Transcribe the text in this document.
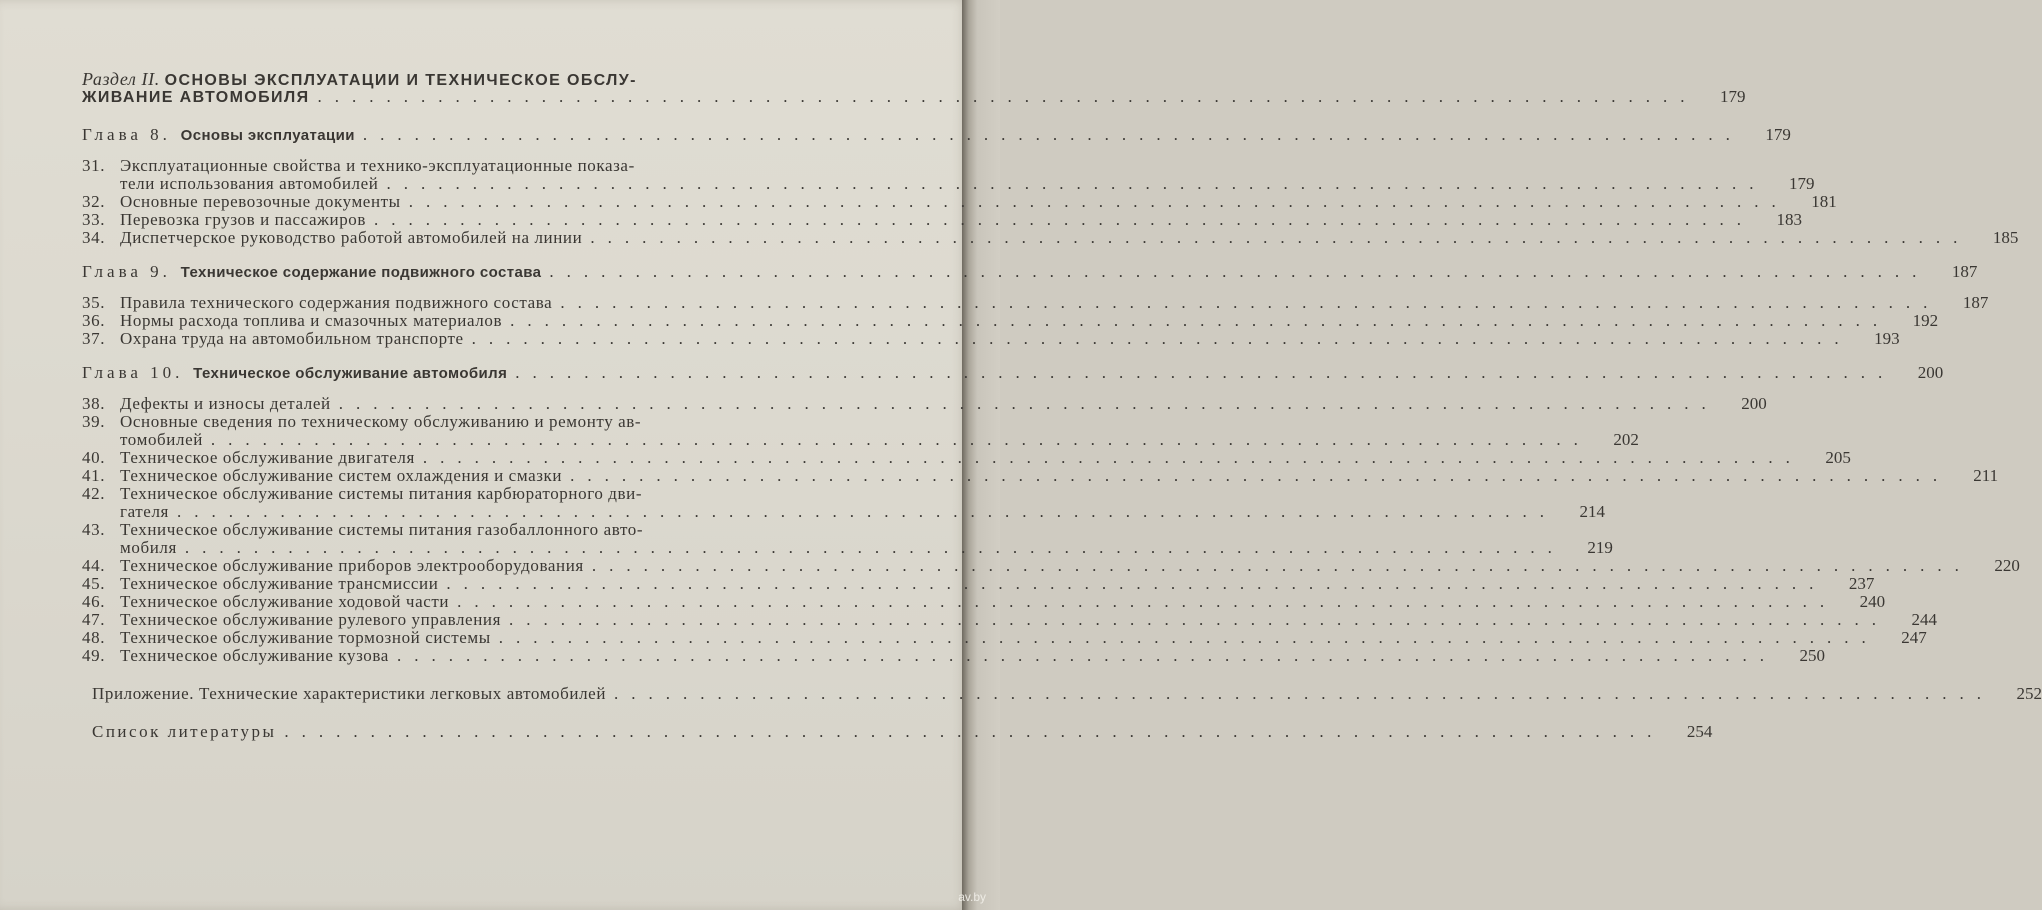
Раздел II. ОСНОВЫ ЭКСПЛУАТАЦИИ И ТЕХНИЧЕСКОЕ ОБСЛУ-
ЖИВАНИЕ АВТОМОБИЛЯ ................................................................................	179
Глава 8. Основы эксплуатации ................................................................................	179
31. Эксплуатационные свойства и технико-эксплуатационные показа-
тели использования автомобилей ................................................................................	179
32. Основные перевозочные документы ................................................................................	181
33. Перевозка грузов и пассажиров ................................................................................	183
34. Диспетчерское руководство работой автомобилей на линии ................................................................................	185
Глава 9. Техническое содержание подвижного состава ................................................................................	187
35. Правила технического содержания подвижного состава ................................................................................	187
36. Нормы расхода топлива и смазочных материалов ................................................................................	192
37. Охрана труда на автомобильном транспорте ................................................................................	193
Глава 10. Техническое обслуживание автомобиля ................................................................................	200
38. Дефекты и износы деталей ................................................................................	200
39. Основные сведения по техническому обслуживанию и ремонту ав-
томобилей ................................................................................	202
40. Техническое обслуживание двигателя ................................................................................	205
41. Техническое обслуживание систем охлаждения и смазки ................................................................................	211
42. Техническое обслуживание системы питания карбюраторного дви-
гателя ................................................................................	214
43. Техническое обслуживание системы питания газобаллонного авто-
мобиля ................................................................................	219
44. Техническое обслуживание приборов электрооборудования ................................................................................	220
45. Техническое обслуживание трансмиссии ................................................................................	237
46. Техническое обслуживание ходовой части ................................................................................	240
47. Техническое обслуживание рулевого управления ................................................................................	244
48. Техническое обслуживание тормозной системы ................................................................................	247
49. Техническое обслуживание кузова ................................................................................	250
Приложение. Технические характеристики легковых автомобилей ................................................................................	252
Список литературы ................................................................................	254
av.by
